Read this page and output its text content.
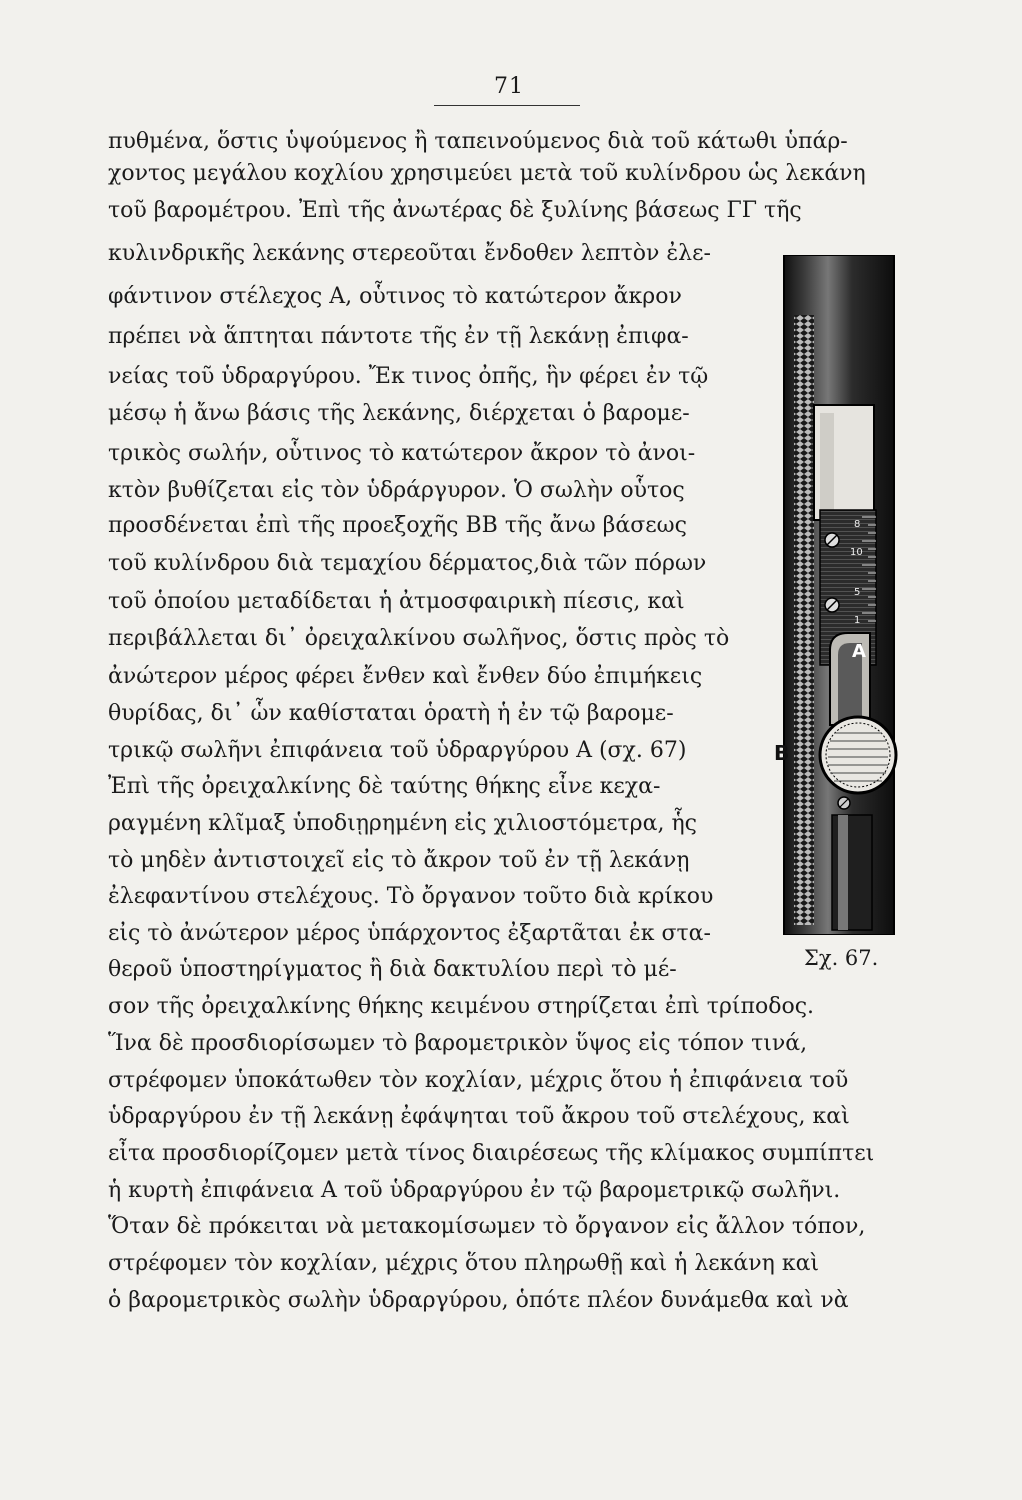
71
πυθμένα, ὅστις ὑψούμενος ἢ ταπεινούμενος διὰ τοῦ κάτωθι ὑπάρ-
χοντος μεγάλου κοχλίου χρησιμεύει μετὰ τοῦ κυλίνδρου ὡς λεκάνη
τοῦ βαρομέτρου. Ἐπὶ τῆς ἀνωτέρας δὲ ξυλίνης βάσεως ΓΓ τῆς
κυλινδρικῆς λεκάνης στερεοῦται ἔνδοθεν λεπτὸν ἐλε-
φάντινον στέλεχος Α, οὗτινος τὸ κατώτερον ἄκρον
πρέπει νὰ ἅπτηται πάντοτε τῆς ἐν τῇ λεκάνῃ ἐπιφα-
νείας τοῦ ὑδραργύρου. Ἔκ τινος ὀπῆς, ἣν φέρει ἐν τῷ
μέσῳ ἡ ἄνω βάσις τῆς λεκάνης, διέρχεται ὁ βαρομε-
τρικὸς σωλήν, οὗτινος τὸ κατώτερον ἄκρον τὸ ἀνοι-
κτὸν βυθίζεται εἰς τὸν ὑδράργυρον. Ὁ σωλὴν οὗτος
προσδένεται ἐπὶ τῆς προεξοχῆς ΒΒ τῆς ἄνω βάσεως
τοῦ κυλίνδρου διὰ τεμαχίου δέρματος,διὰ τῶν πόρων
τοῦ ὁποίου μεταδίδεται ἡ ἀτμοσφαιρικὴ πίεσις, καὶ
περιβάλλεται δι᾽ ὀρειχαλκίνου σωλῆνος, ὅστις πρὸς τὸ
ἀνώτερον μέρος φέρει ἔνθεν καὶ ἔνθεν δύο ἐπιμήκεις
θυρίδας, δι᾽ ὧν καθίσταται ὁρατὴ ἡ ἐν τῷ βαρομε-
τρικῷ σωλῆνι ἐπιφάνεια τοῦ ὑδραργύρου Α (σχ. 67)
Ἐπὶ τῆς ὀρειχαλκίνης δὲ ταύτης θήκης εἶνε κεχα-
ραγμένη κλῖμαξ ὑποδιῃρημένη εἰς χιλιοστόμετρα, ἧς
τὸ μηδὲν ἀντιστοιχεῖ εἰς τὸ ἄκρον τοῦ ἐν τῇ λεκάνῃ
ἐλεφαντίνου στελέχους. Τὸ ὄργανον τοῦτο διὰ κρίκου
εἰς τὸ ἀνώτερον μέρος ὑπάρχοντος ἐξαρτᾶται ἐκ στα-
θεροῦ ὑποστηρίγματος ἢ διὰ δακτυλίου περὶ τὸ μέ-
σον τῆς ὀρειχαλκίνης θήκης κειμένου στηρίζεται ἐπὶ τρίποδος.
Ἵνα δὲ προσδιορίσωμεν τὸ βαρομετρικὸν ὕψος εἰς τόπον τινά,
στρέφομεν ὑποκάτωθεν τὸν κοχλίαν, μέχρις ὅτου ἡ ἐπιφάνεια τοῦ
ὑδραργύρου ἐν τῇ λεκάνῃ ἐφάψηται τοῦ ἄκρου τοῦ στελέχους, καὶ
εἶτα προσδιορίζομεν μετὰ τίνος διαιρέσεως τῆς κλίμακος συμπίπτει
ἡ κυρτὴ ἐπιφάνεια Α τοῦ ὑδραργύρου ἐν τῷ βαρομετρικῷ σωλῆνι.
Ὅταν δὲ πρόκειται νὰ μετακομίσωμεν τὸ ὄργανον εἰς ἄλλον τόπον,
στρέφομεν τὸν κοχλίαν, μέχρις ὅτου πληρωθῇ καὶ ἡ λεκάνη καὶ
ὁ βαρομετρικὸς σωλὴν ὑδραργύρου, ὁπότε πλέον δυνάμεθα καὶ νὰ
8
10
5
1
A
B
Σχ. 67.
